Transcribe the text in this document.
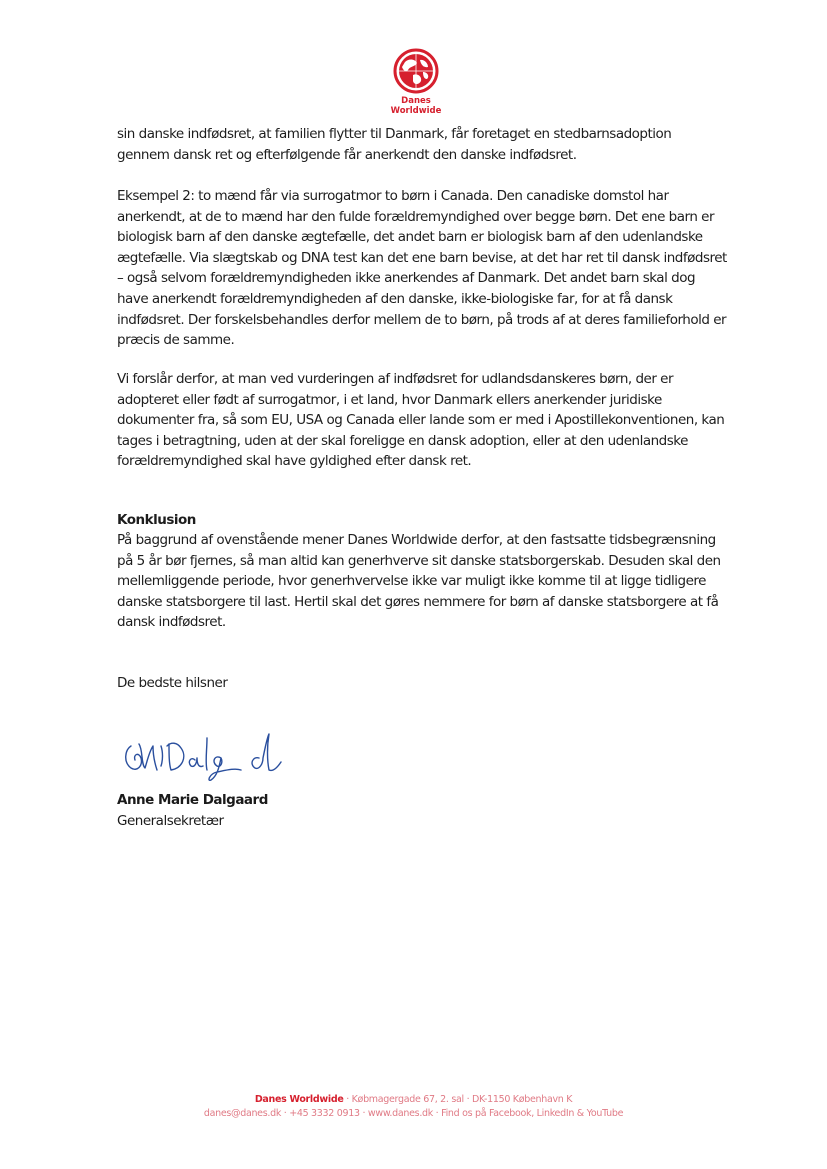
Danes Worldwide

sin danske indfødsret, at familien flytter til Danmark, får foretaget en stedbarnsadoption gennem dansk ret og efterfølgende får anerkendt den danske indfødsret.

Eksempel 2: to mænd får via surrogatmor to børn i Canada. Den canadiske domstol har anerkendt, at de to mænd har den fulde forældremyndighed over begge børn. Det ene barn er biologisk barn af den danske ægtefælle, det andet barn er biologisk barn af den udenlandske ægtefælle. Via slægtskab og DNA test kan det ene barn bevise, at det har ret til dansk indfødsret – også selvom forældremyndigheden ikke anerkendes af Danmark. Det andet barn skal dog have anerkendt forældremyndigheden af den danske, ikke-biologiske far, for at få dansk indfødsret. Der forskelsbehandles derfor mellem de to børn, på trods af at deres familieforhold er præcis de samme.

Vi forslår derfor, at man ved vurderingen af indfødsret for udlandsdanskeres børn, der er adopteret eller født af surrogatmor, i et land, hvor Danmark ellers anerkender juridiske dokumenter fra, så som EU, USA og Canada eller lande som er med i Apostillekonventionen, kan tages i betragtning, uden at der skal foreligge en dansk adoption, eller at den udenlandske forældremyndighed skal have gyldighed efter dansk ret.

Konklusion

På baggrund af ovenstående mener Danes Worldwide derfor, at den fastsatte tidsbegrænsning på 5 år bør fjernes, så man altid kan generhverve sit danske statsborgerskab. Desuden skal den mellemliggende periode, hvor generhvervelse ikke var muligt ikke komme til at ligge tidligere danske statsborgere til last. Hertil skal det gøres nemmere for børn af danske statsborgere at få dansk indfødsret.

De bedste hilsner

Anne Marie Dalgaard

Generalsekretær

Danes Worldwide · Købmagergade 67, 2. sal · DK-1150 København K
danes@danes.dk · +45 3332 0913 · www.danes.dk · Find os på Facebook, LinkedIn & YouTube
